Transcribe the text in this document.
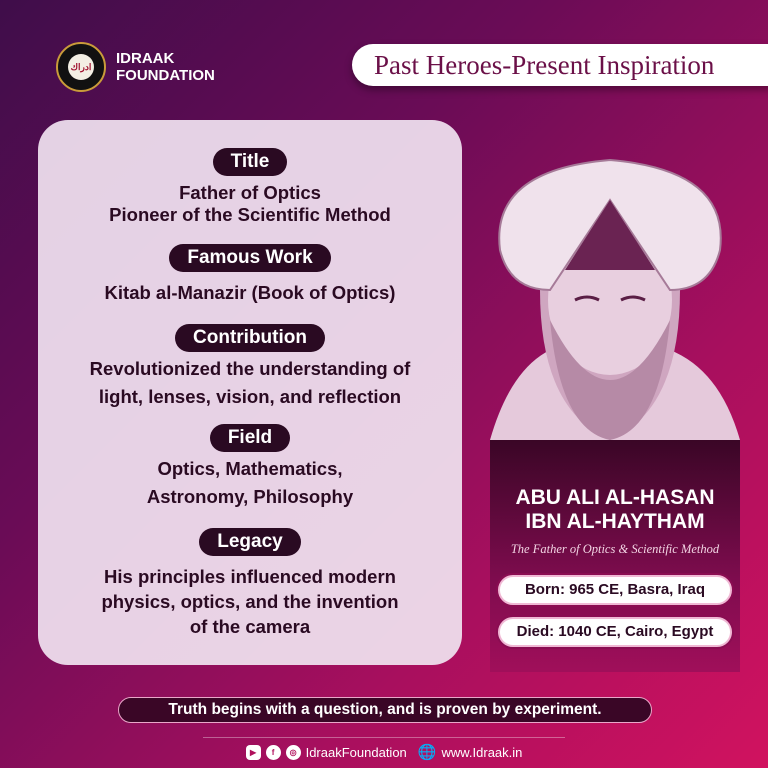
ادراك IDRAAK
FOUNDATION	Past Heroes-Present Inspiration
Title
Father of Optics
Pioneer of the Scientific Method
Famous Work
Kitab al-Manazir (Book of Optics)
Contribution
Revolutionized the understanding of
light, lenses, vision, and reflection
Field
Optics, Mathematics,
Astronomy, Philosophy
Legacy
His principles influenced modern
physics, optics, and the invention
of the camera
ABU ALI AL-HASAN
IBN AL-HAYTHAM
The Father of Optics & Scientific Method
Born: 965 CE, Basra, Iraq
Died: 1040 CE, Cairo, Egypt
Truth begins with a question, and is proven by experiment.
▶	f	◎ IdraakFoundation 🌐 www.Idraak.in
